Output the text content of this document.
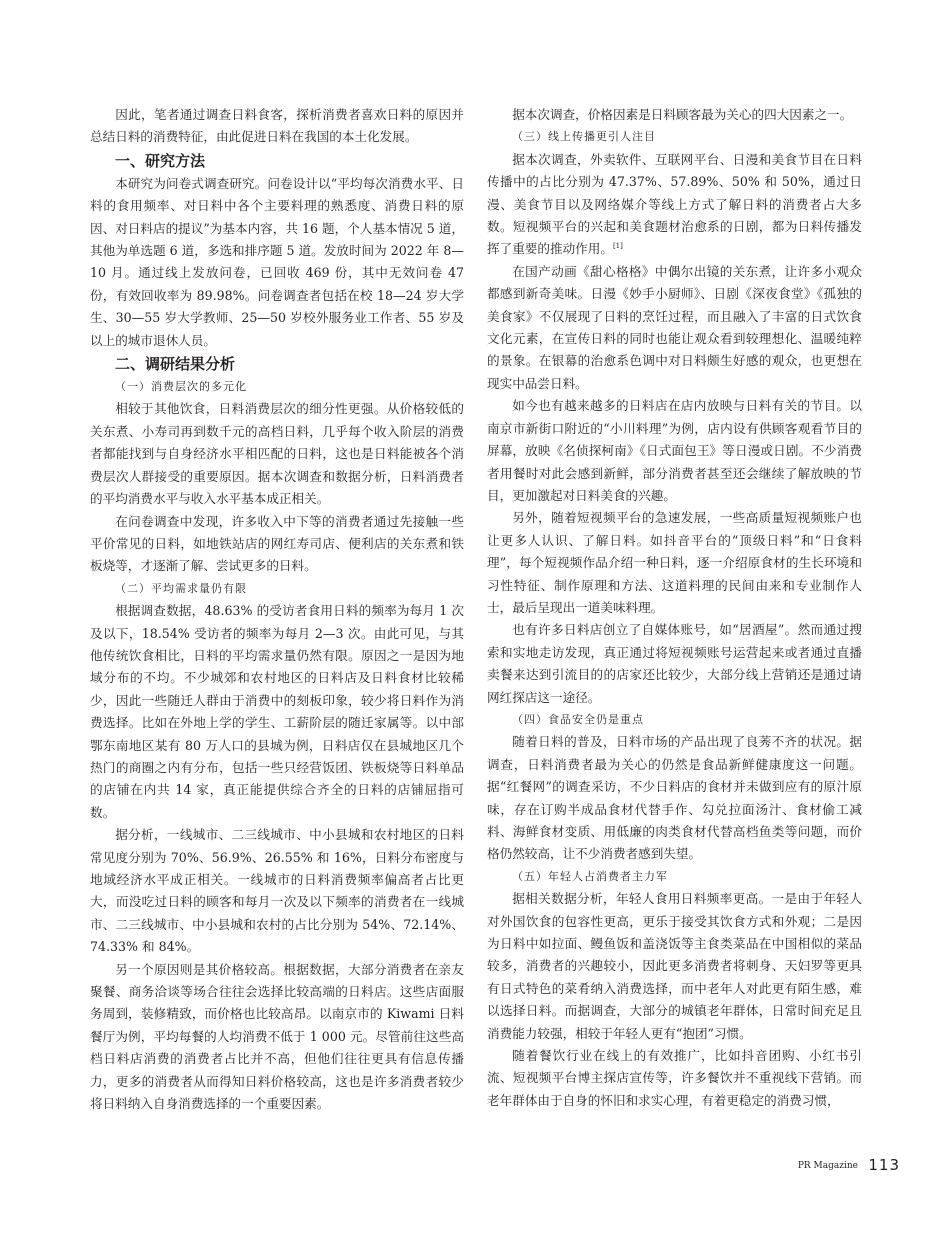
因此，笔者通过调查日料食客，探析消费者喜欢日料的原因并总结日料的消费特征，由此促进日料在我国的本土化发展。

一、研究方法

本研究为问卷式调查研究。问卷设计以“平均每次消费水平、日料的食用频率、对日料中各个主要料理的熟悉度、消费日料的原因、对日料店的提议”为基本内容，共 16 题，个人基本情况 5 道，其他为单选题 6 道，多选和排序题 5 道。发放时间为 2022 年 8—10 月。通过线上发放问卷，已回收 469 份，其中无效问卷 47 份，有效回收率为 89.98%。问卷调查者包括在校 18—24 岁大学生、30—55 岁大学教师、25—50 岁校外服务业工作者、55 岁及以上的城市退休人员。

二、调研结果分析
（一）消费层次的多元化

相较于其他饮食，日料消费层次的细分性更强。从价格较低的关东煮、小寿司再到数千元的高档日料，几乎每个收入阶层的消费者都能找到与自身经济水平相匹配的日料，这也是日料能被各个消费层次人群接受的重要原因。据本次调查和数据分析，日料消费者的平均消费水平与收入水平基本成正相关。

在问卷调查中发现，许多收入中下等的消费者通过先接触一些平价常见的日料，如地铁站店的网红寿司店、便利店的关东煮和铁板烧等，才逐渐了解、尝试更多的日料。

（二）平均需求量仍有限

根据调查数据，48.63% 的受访者食用日料的频率为每月 1 次及以下，18.54% 受访者的频率为每月 2—3 次。由此可见，与其他传统饮食相比，日料的平均需求量仍然有限。原因之一是因为地域分布的不均。不少城郊和农村地区的日料店及日料食材比较稀少，因此一些随迁人群由于消费中的刻板印象，较少将日料作为消费选择。比如在外地上学的学生、工薪阶层的随迁家属等。以中部鄂东南地区某有 80 万人口的县城为例，日料店仅在县城地区几个热门的商圈之内有分布，包括一些只经营饭团、铁板烧等日料单品的店铺在内共 14 家，真正能提供综合齐全的日料的店铺屈指可数。

据分析，一线城市、二三线城市、中小县城和农村地区的日料常见度分别为 70%、56.9%、26.55% 和 16%，日料分布密度与地域经济水平成正相关。一线城市的日料消费频率偏高者占比更大，而没吃过日料的顾客和每月一次及以下频率的消费者在一线城市、二三线城市、中小县城和农村的占比分别为 54%、72.14%、74.33% 和 84%。

另一个原因则是其价格较高。根据数据，大部分消费者在亲友聚餐、商务洽谈等场合往往会选择比较高端的日料店。这些店面服务周到，装修精致，而价格也比较高昂。以南京市的 Kiwami 日料餐厅为例，平均每餐的人均消费不低于 1 000 元。尽管前往这些高档日料店消费的消费者占比并不高，但他们往往更具有信息传播力，更多的消费者从而得知日料价格较高，这也是许多消费者较少将日料纳入自身消费选择的一个重要因素。

据本次调查，价格因素是日料顾客最为关心的四大因素之一。

（三）线上传播更引人注目

据本次调查，外卖软件、互联网平台、日漫和美食节目在日料传播中的占比分别为 47.37%、57.89%、50% 和 50%，通过日漫、美食节目以及网络媒介等线上方式了解日料的消费者占大多数。短视频平台的兴起和美食题材治愈系的日剧，都为日料传播发挥了重要的推动作用。[1]

在国产动画《甜心格格》中偶尔出镜的关东煮，让许多小观众都感到新奇美味。日漫《妙手小厨师》、日剧《深夜食堂》《孤独的美食家》不仅展现了日料的烹饪过程，而且融入了丰富的日式饮食文化元素，在宣传日料的同时也能让观众看到较理想化、温暖纯粹的景象。在银幕的治愈系色调中对日料颇生好感的观众，也更想在现实中品尝日料。

如今也有越来越多的日料店在店内放映与日料有关的节目。以南京市新街口附近的“小川料理”为例，店内设有供顾客观看节目的屏幕，放映《名侦探柯南》《日式面包王》等日漫或日剧。不少消费者用餐时对此会感到新鲜，部分消费者甚至还会继续了解放映的节目，更加激起对日料美食的兴趣。

另外，随着短视频平台的急速发展，一些高质量短视频账户也让更多人认识、了解日料。如抖音平台的“顶级日料”和“日食料理”，每个短视频作品介绍一种日料，逐一介绍原食材的生长环境和习性特征、制作原理和方法、这道料理的民间由来和专业制作人士，最后呈现出一道美味料理。

也有许多日料店创立了自媒体账号，如“居酒屋”。然而通过搜索和实地走访发现，真正通过将短视频账号运营起来或者通过直播卖餐来达到引流目的的店家还比较少，大部分线上营销还是通过请网红探店这一途径。

（四）食品安全仍是重点

随着日料的普及，日料市场的产品出现了良莠不齐的状况。据调查，日料消费者最为关心的仍然是食品新鲜健康度这一问题。据“红餐网”的调查采访，不少日料店的食材并未做到应有的原汁原味，存在订购半成品食材代替手作、勾兑拉面汤汁、食材偷工减料、海鲜食材变质、用低廉的肉类食材代替高档鱼类等问题，而价格仍然较高，让不少消费者感到失望。

（五）年轻人占消费者主力军

据相关数据分析，年轻人食用日料频率更高。一是由于年轻人对外国饮食的包容性更高，更乐于接受其饮食方式和外观；二是因为日料中如拉面、鳗鱼饭和盖浇饭等主食类菜品在中国相似的菜品较多，消费者的兴趣较小，因此更多消费者将刺身、天妇罗等更具有日式特色的菜肴纳入消费选择，而中老年人对此更有陌生感，难以选择日料。而据调查，大部分的城镇老年群体，日常时间充足且消费能力较强，相较于年轻人更有“抱团”习惯。

随着餐饮行业在线上的有效推广，比如抖音团购、小红书引流、短视频平台博主探店宣传等，许多餐饮并不重视线下营销。而老年群体由于自身的怀旧和求实心理，有着更稳定的消费习惯，

PR Magazine 113
